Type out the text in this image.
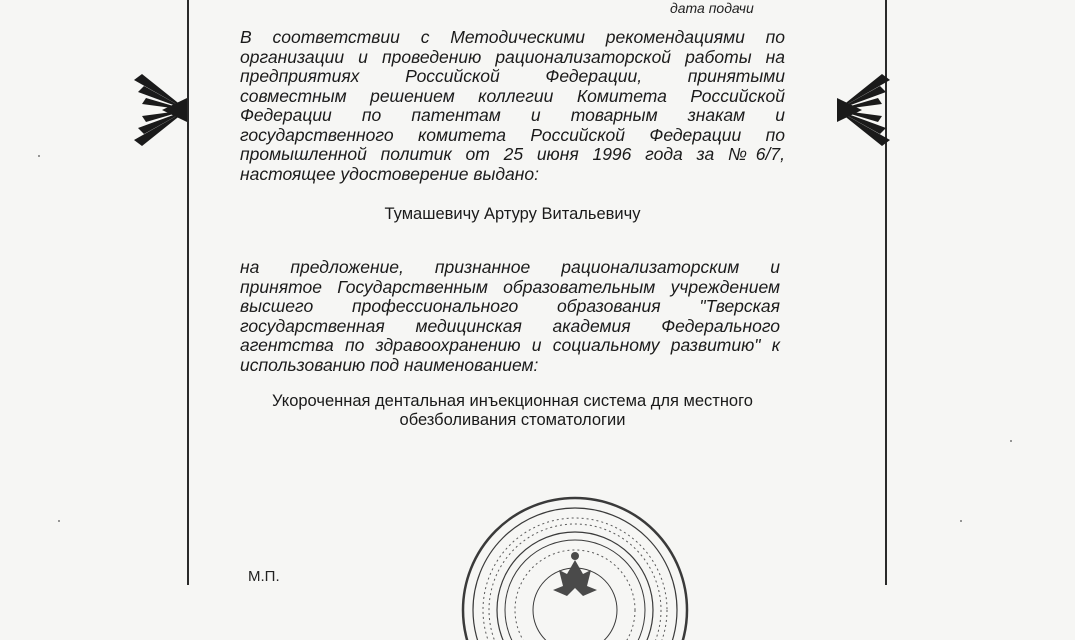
дата подачи
В соответствии с Методическими рекомендациями по
организации и проведению рационализаторской работы на
предприятиях Российской Федерации, принятыми
совместным решением коллегии Комитета Российской
Федерации по патентам и товарным знакам и
государственного комитета Российской Федерации по
промышленной политик от 25 июня 1996 года за №6/7,
настоящее удостоверение выдано:
Тумашевичу Артуру Витальевичу
на предложение, признанное рационализаторским и
принятое Государственным образовательным учреждением
высшего профессионального образования "Тверская
государственная медицинская академия Федерального
агентства по здравоохранению и социальному развитию" к
использованию под наименованием:
Укороченная дентальная инъекционная система для местного
обезболивания стоматологии
М.П.
